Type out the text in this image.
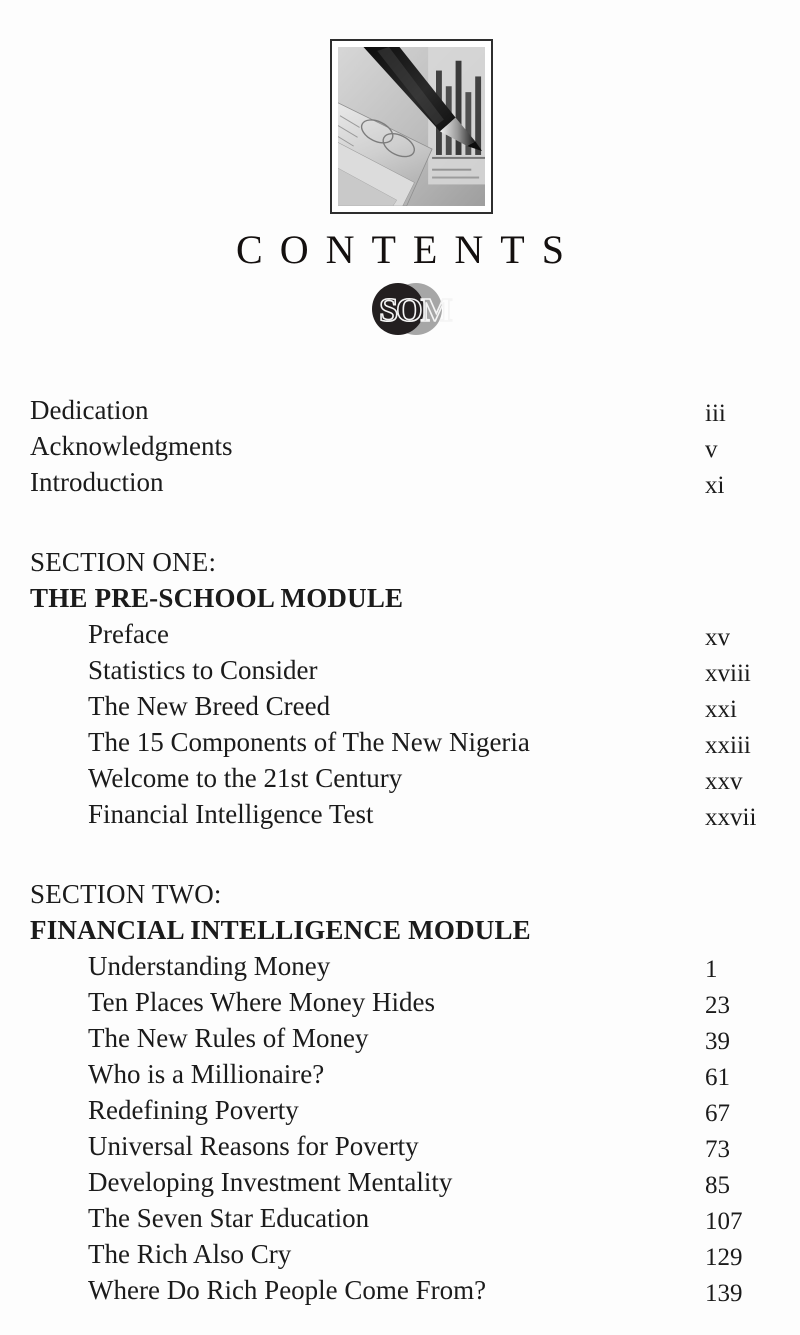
CONTENTS
SOM
Dedication	iii
Acknowledgments	v
Introduction	xi
SECTION ONE:
THE PRE-SCHOOL MODULE
Preface	xv
Statistics to Consider	xviii
The New Breed Creed	xxi
The 15 Components of The New Nigeria	xxiii
Welcome to the 21st Century	xxv
Financial Intelligence Test	xxvii
SECTION TWO:
FINANCIAL INTELLIGENCE MODULE
Understanding Money	1
Ten Places Where Money Hides	23
The New Rules of Money	39
Who is a Millionaire?	61
Redefining Poverty	67
Universal Reasons for Poverty	73
Developing Investment Mentality	85
The Seven Star Education	107
The Rich Also Cry	129
Where Do Rich People Come From?	139
